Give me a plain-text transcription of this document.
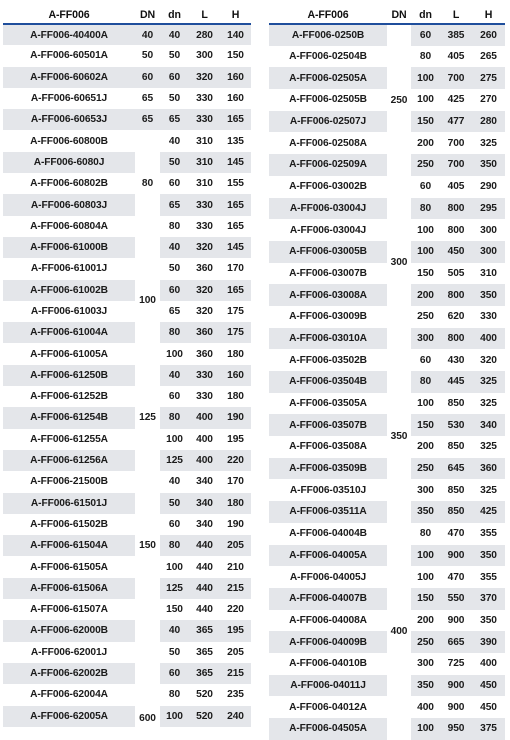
A-FF006	DN	dn	L	H
A-FF006-40400A	40	40	280	140
A-FF006-60501A	50	50	300	150
A-FF006-60602A	60	60	320	160
A-FF006-60651J	65	50	330	160
A-FF006-60653J	65	65	330	165
A-FF006-60800B	80	40	310	135
A-FF006-6080J		50	310	145
A-FF006-60802B		60	310	155
A-FF006-60803J		65	330	165
A-FF006-60804A		80	330	165
A-FF006-61000B	100	40	320	145
A-FF006-61001J		50	360	170
A-FF006-61002B		60	320	165
A-FF006-61003J		65	320	175
A-FF006-61004A		80	360	175
A-FF006-61005A		100	360	180
A-FF006-61250B	125	40	330	160
A-FF006-61252B		60	330	180
A-FF006-61254B		80	400	190
A-FF006-61255A		100	400	195
A-FF006-61256A		125	400	220
A-FF006-21500B	150	40	340	170
A-FF006-61501J		50	340	180
A-FF006-61502B		60	340	190
A-FF006-61504A		80	440	205
A-FF006-61505A		100	440	210
A-FF006-61506A		125	440	215
A-FF006-61507A		150	440	220
A-FF006-62000B	600	40	365	195
A-FF006-62001J		50	365	205
A-FF006-62002B		60	365	215
A-FF006-62004A		80	520	235
A-FF006-62005A		100	520	240
A-FF006	DN	dn	L	H
A-FF006-0250B	250	60	385	260
A-FF006-02504B		80	405	265
A-FF006-02505A		100	700	275
A-FF006-02505B		100	425	270
A-FF006-02507J		150	477	280
A-FF006-02508A		200	700	325
A-FF006-02509A		250	700	350
A-FF006-03002B	300	60	405	290
A-FF006-03004J		80	800	295
A-FF006-03004J		100	800	300
A-FF006-03005B		100	450	300
A-FF006-03007B		150	505	310
A-FF006-03008A		200	800	350
A-FF006-03009B		250	620	330
A-FF006-03010A		300	800	400
A-FF006-03502B	350	60	430	320
A-FF006-03504B		80	445	325
A-FF006-03505A		100	850	325
A-FF006-03507B		150	530	340
A-FF006-03508A		200	850	325
A-FF006-03509B		250	645	360
A-FF006-03510J		300	850	325
A-FF006-03511A		350	850	425
A-FF006-04004B	400	80	470	355
A-FF006-04005A		100	900	350
A-FF006-04005J		100	470	355
A-FF006-04007B		150	550	370
A-FF006-04008A		200	900	350
A-FF006-04009B		250	665	390
A-FF006-04010B		300	725	400
A-FF006-04011J		350	900	450
A-FF006-04012A		400	900	450
A-FF006-04505A		100	950	375
